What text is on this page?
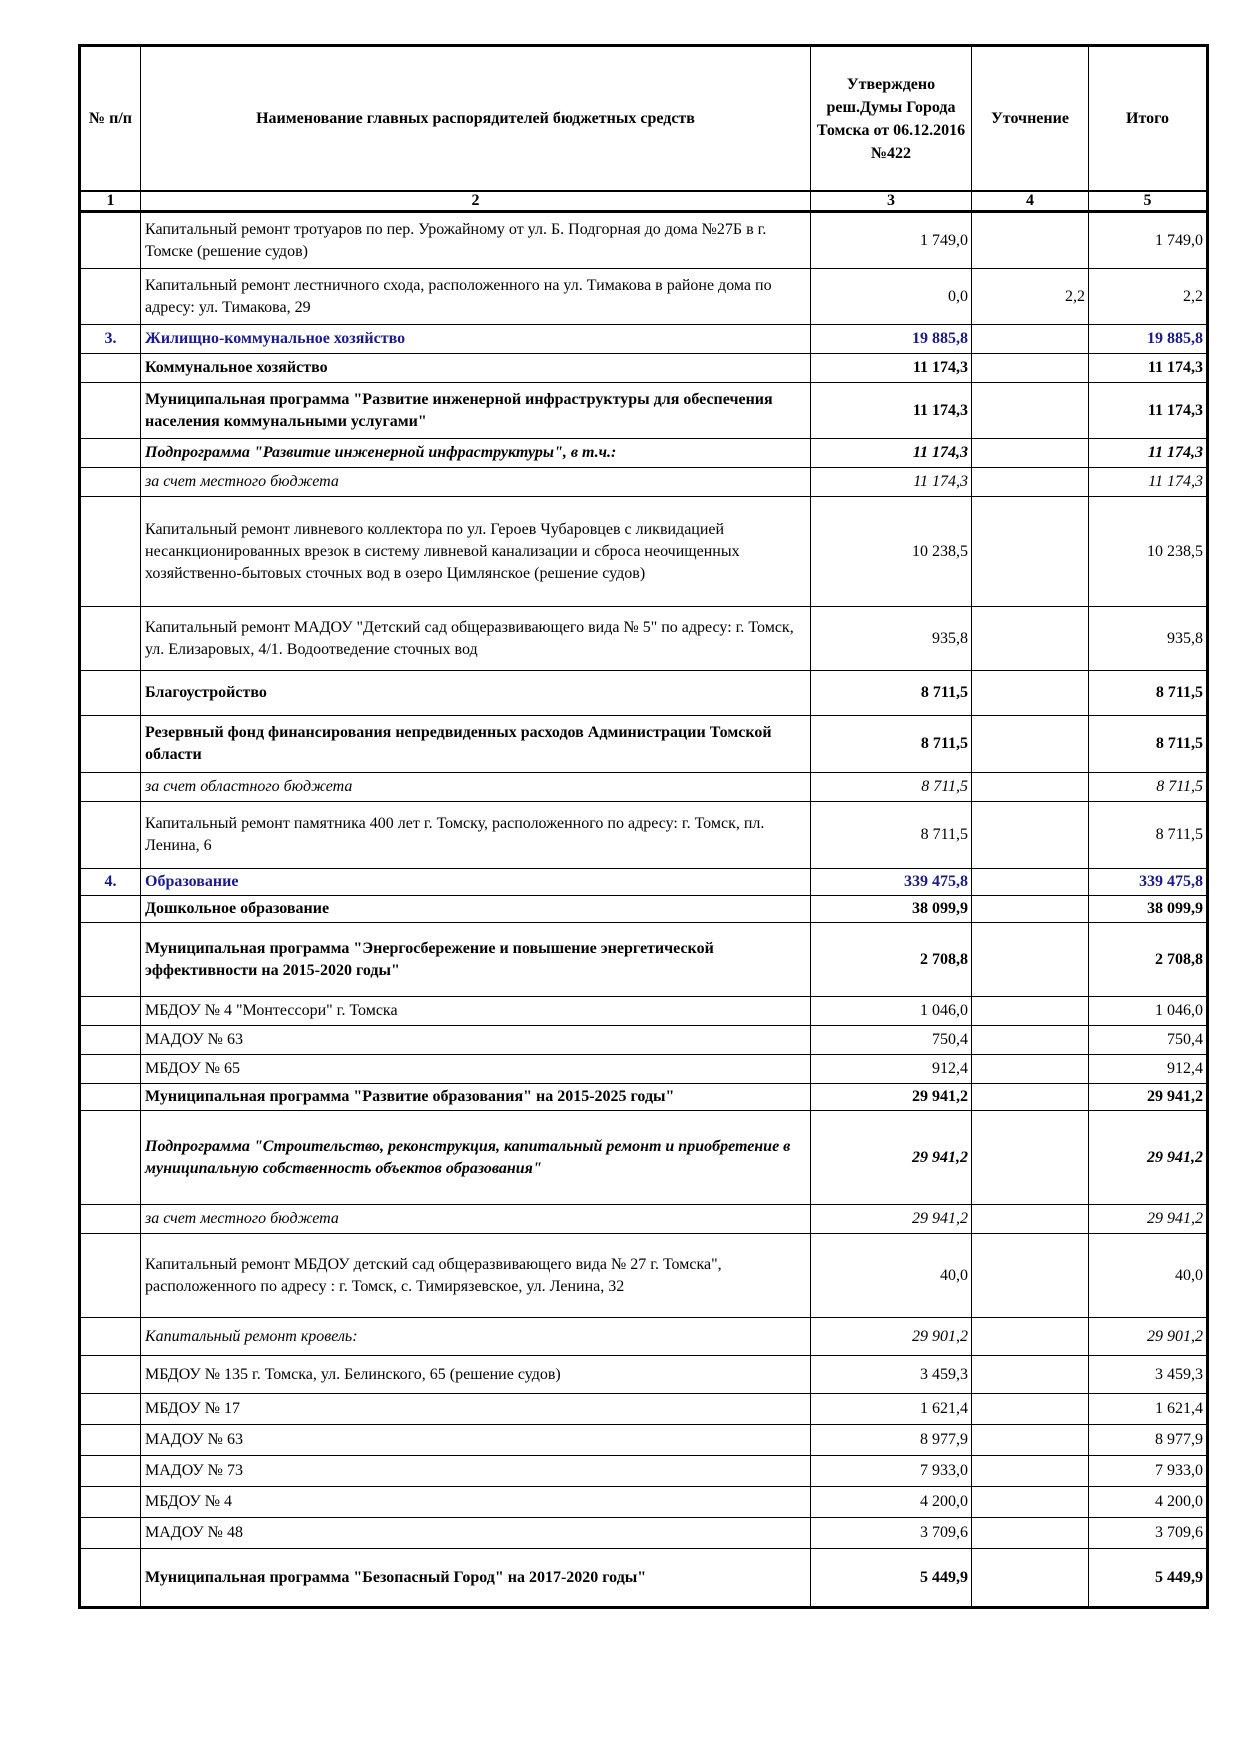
№ п/п	Наименование главных распорядителей бюджетных средств	Утверждено реш.Думы Города Томска от 06.12.2016 №422	Уточнение	Итого
1	2	3	4	5
	Капитальный ремонт тротуаров по пер. Урожайному от ул. Б. Подгорная до дома №27Б в г. Томске (решение судов)	1 749,0		1 749,0
	Капитальный ремонт лестничного схода, расположенного на ул. Тимакова в районе дома по адресу: ул. Тимакова, 29	0,0	2,2	2,2
3.	Жилищно-коммунальное хозяйство	19 885,8		19 885,8
	Коммунальное хозяйство	11 174,3		11 174,3
	Муниципальная программа "Развитие инженерной инфраструктуры для обеспечения населения коммунальными услугами"	11 174,3		11 174,3
	Подпрограмма "Развитие инженерной инфраструктуры", в т.ч.:	11 174,3		11 174,3
	за счет местного бюджета	11 174,3		11 174,3
	Капитальный ремонт ливневого коллектора по ул. Героев Чубаровцев с ликвидацией несанкционированных врезок в систему ливневой канализации и сброса неочищенных хозяйственно-бытовых сточных вод в озеро Цимлянское (решение судов)	10 238,5		10 238,5
	Капитальный ремонт МАДОУ "Детский сад общеразвивающего вида № 5" по адресу: г. Томск, ул. Елизаровых, 4/1. Водоотведение сточных вод	935,8		935,8
	Благоустройство	8 711,5		8 711,5
	Резервный фонд финансирования непредвиденных расходов Администрации Томской области	8 711,5		8 711,5
	за счет областного бюджета	8 711,5		8 711,5
	Капитальный ремонт памятника 400 лет г. Томску, расположенного по адресу: г. Томск, пл. Ленина, 6	8 711,5		8 711,5
4.	Образование	339 475,8		339 475,8
	Дошкольное образование	38 099,9		38 099,9
	Муниципальная программа "Энергосбережение и повышение энергетической эффективности на 2015-2020 годы"	2 708,8		2 708,8
	МБДОУ № 4 "Монтессори" г. Томска	1 046,0		1 046,0
	МАДОУ № 63	750,4		750,4
	МБДОУ № 65	912,4		912,4
	Муниципальная программа "Развитие образования" на 2015-2025 годы"	29 941,2		29 941,2
	Подпрограмма "Строительство, реконструкция, капитальный ремонт и приобретение в муниципальную собственность объектов образования"	29 941,2		29 941,2
	за счет местного бюджета	29 941,2		29 941,2
	Капитальный ремонт МБДОУ детский сад общеразвивающего вида № 27 г. Томска", расположенного по адресу : г. Томск, с. Тимирязевское, ул. Ленина, 32	40,0		40,0
	Капитальный ремонт кровель:	29 901,2		29 901,2
	МБДОУ № 135 г. Томска, ул. Белинского, 65 (решение судов)	3 459,3		3 459,3
	МБДОУ № 17	1 621,4		1 621,4
	МАДОУ № 63	8 977,9		8 977,9
	МАДОУ № 73	7 933,0		7 933,0
	МБДОУ № 4	4 200,0		4 200,0
	МАДОУ № 48	3 709,6		3 709,6
	Муниципальная программа "Безопасный Город" на 2017-2020 годы"	5 449,9		5 449,9
